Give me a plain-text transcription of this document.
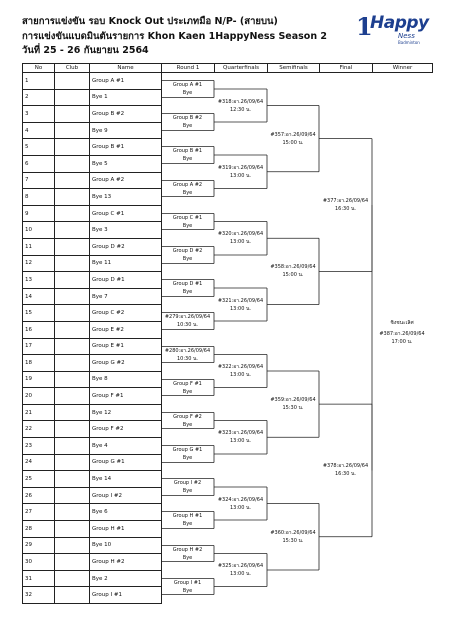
สายการแข่งขัน รอบ Knock Out ประเภทมือ N/P- (สายบน)
การแข่งขันแบดมินตันรายการ Khon Kaen 1HappyNess Season 2
วันที่ 25 - 26 กันยายน 2564
1
Happy
Ness
Badminton
No	Club	Name	Round 1	Quarterfinals	Semifinals	Final	Winner
1		Group A #1					
2		Bye 1					
3		Group B #2					
4		Bye 9					
5		Group B #1					
6		Bye 5					
7		Group A #2					
8		Bye 13					
9		Group C #1					
10		Bye 3					
11		Group D #2					
12		Bye 11					
13		Group D #1					
14		Bye 7					
15		Group C #2					
16		Group E #2					
17		Group E #1					
18		Group G #2					
19		Bye 8					
20		Group F #1					
21		Bye 12					
22		Group F #2					
23		Bye 4					
24		Group G #1					
25		Bye 14					
26		Group I #2					
27		Bye 6					
28		Group H #1					
29		Bye 10					
30		Group H #2					
31		Bye 2					
32		Group I #1					
Group A #1
Bye
Group B #2
Bye
Group B #1
Bye
Group A #2
Bye
Group C #1
Bye
Group D #2
Bye
Group D #1
Bye
#279:อา.26/09/64
10:30 น.
#280:อา.26/09/64
10:30 น.
Group F #1
Bye
Group F #2
Bye
Group G #1
Bye
Group I #2
Bye
Group H #1
Bye
Group H #2
Bye
Group I #1
Bye
#318:อา.26/09/64
12:30 น.
#319:อา.26/09/64
13:00 น.
#320:อา.26/09/64
13:00 น.
#321:อา.26/09/64
13:00 น.
#322:อา.26/09/64
13:00 น.
#323:อา.26/09/64
13:00 น.
#324:อา.26/09/64
13:00 น.
#325:อา.26/09/64
13:00 น.
#357:อา.26/09/64
15:00 น.
#358:อา.26/09/64
15:00 น.
#359:อา.26/09/64
15:30 น.
#360:อา.26/09/64
15:30 น.
#377:อา.26/09/64
16:30 น.
#378:อา.26/09/64
16:30 น.
ชิงชนะเลิศ
#387:อา.26/09/64
17:00 น.
